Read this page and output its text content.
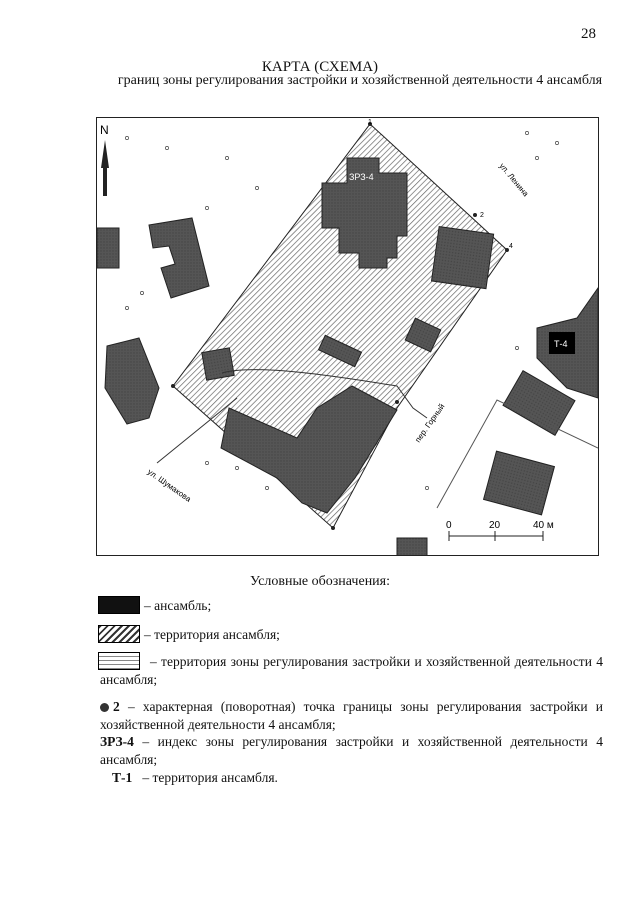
28
КАРТА (СХЕМА)
границ зоны регулирования застройки и хозяйственной деятельности 4 ансамбля
N
ЗРЗ-4
Т-4
ул. Ленина
пер. Горный
ул. Шумакова
1
2
4
0	20	40 м
Условные обозначения:
– ансамбль;
– территория ансамбля;
– территория зоны регулирования застройки и хозяйственной деятельности 4 ансамбля;
2 – характерная (поворотная) точка границы зоны регулирования застройки и хозяйственной деятельности 4 ансамбля;
ЗРЗ-4 – индекс зоны регулирования застройки и хозяйственной деятельности 4 ансамбля;
Т-1 – территория ансамбля.
